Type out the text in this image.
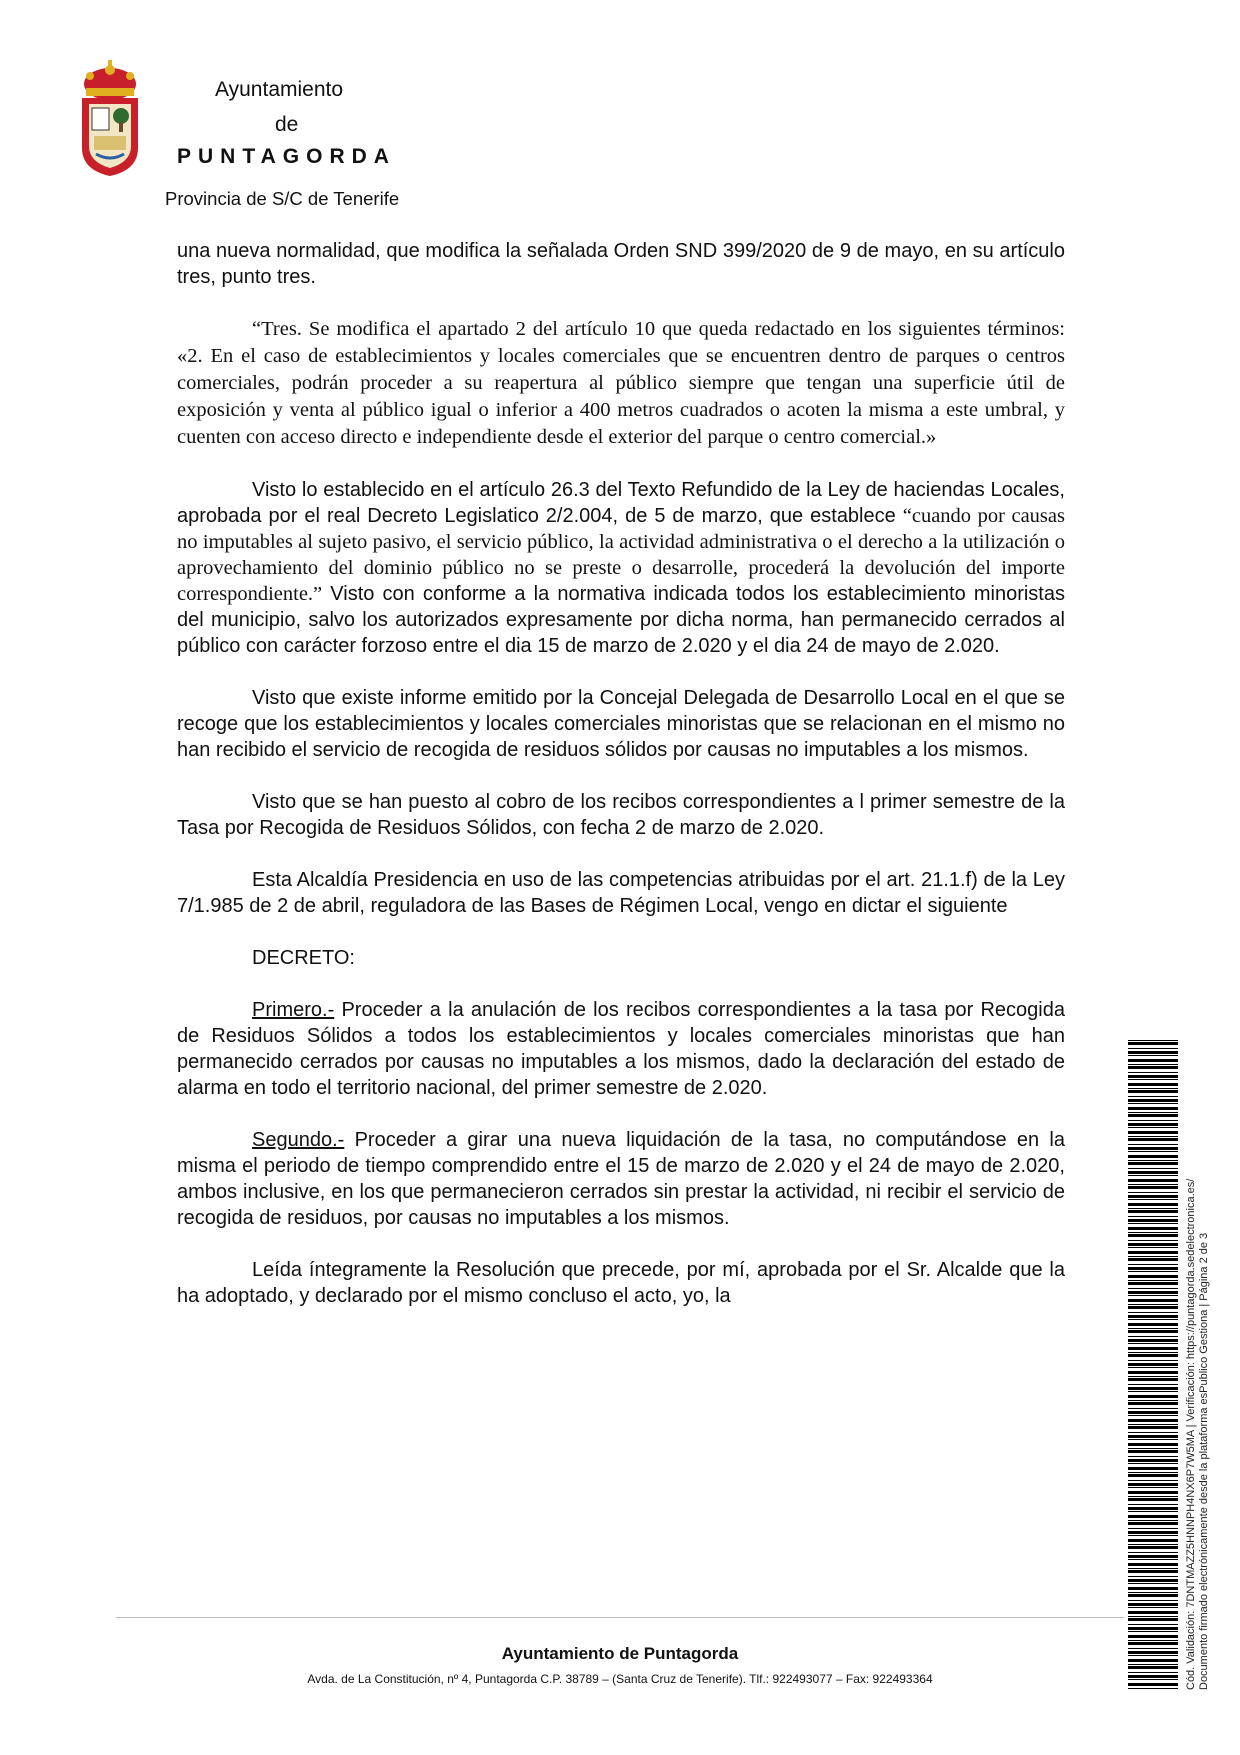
Ayuntamiento
de
PUNTAGORDA
Provincia de S/C de Tenerife

una nueva normalidad, que modifica la señalada Orden SND 399/2020 de 9 de mayo, en su artículo tres, punto tres.

“Tres. Se modifica el apartado 2 del artículo 10 que queda redactado en los siguientes términos: «2. En el caso de establecimientos y locales comerciales que se encuentren dentro de parques o centros comerciales, podrán proceder a su reapertura al público siempre que tengan una superficie útil de exposición y venta al público igual o inferior a 400 metros cuadrados o acoten la misma a este umbral, y cuenten con acceso directo e independiente desde el exterior del parque o centro comercial.»

Visto lo establecido en el artículo 26.3 del Texto Refundido de la Ley de haciendas Locales, aprobada por el real Decreto Legislatico 2/2.004, de 5 de marzo, que establece “cuando por causas no imputables al sujeto pasivo, el servicio público, la actividad administrativa o el derecho a la utilización o aprovechamiento del dominio público no se preste o desarrolle, procederá la devolución del importe correspondiente.” Visto con conforme a la normativa indicada todos los establecimiento minoristas del municipio, salvo los autorizados expresamente por dicha norma, han permanecido cerrados al público con carácter forzoso entre el dia 15 de marzo de 2.020 y el dia 24 de mayo de 2.020.

Visto que existe informe emitido por la Concejal Delegada de Desarrollo Local en el que se recoge que los establecimientos y locales comerciales minoristas que se relacionan en el mismo no han recibido el servicio de recogida de residuos sólidos por causas no imputables a los mismos.

Visto que se han puesto al cobro de los recibos correspondientes a l primer semestre de la Tasa por Recogida de Residuos Sólidos, con fecha 2 de marzo de 2.020.

Esta Alcaldía Presidencia en uso de las competencias atribuidas por el art. 21.1.f) de la Ley 7/1.985 de 2 de abril, reguladora de las Bases de Régimen Local, vengo en dictar el siguiente

DECRETO:

Primero.- Proceder a la anulación de los recibos correspondientes a la tasa por Recogida de Residuos Sólidos a todos los establecimientos y locales comerciales minoristas que han permanecido cerrados por causas no imputables a los mismos, dado la declaración del estado de alarma en todo el territorio nacional, del primer semestre de 2.020.

Segundo.- Proceder a girar una nueva liquidación de la tasa, no computándose en la misma el periodo de tiempo comprendido entre el 15 de marzo de 2.020 y el 24 de mayo de 2.020, ambos inclusive, en los que permanecieron cerrados sin prestar la actividad, ni recibir el servicio de recogida de residuos, por causas no imputables a los mismos.

Leída íntegramente la Resolución que precede, por mí, aprobada por el Sr. Alcalde que la ha adoptado, y declarado por el mismo concluso el acto, yo, la

Ayuntamiento de Puntagorda
Avda. de La Constitución, nº 4, Puntagorda C.P. 38789 – (Santa Cruz de Tenerife). Tlf.: 922493077 – Fax: 922493364	Cód. Validación: 7DNTMAZZ5HNNPH4NX6P7W5MA | Verificación: https://puntagorda.sedelectronica.es/ Documento firmado electrónicamente desde la plataforma esPublico Gestiona | Página 2 de 3
